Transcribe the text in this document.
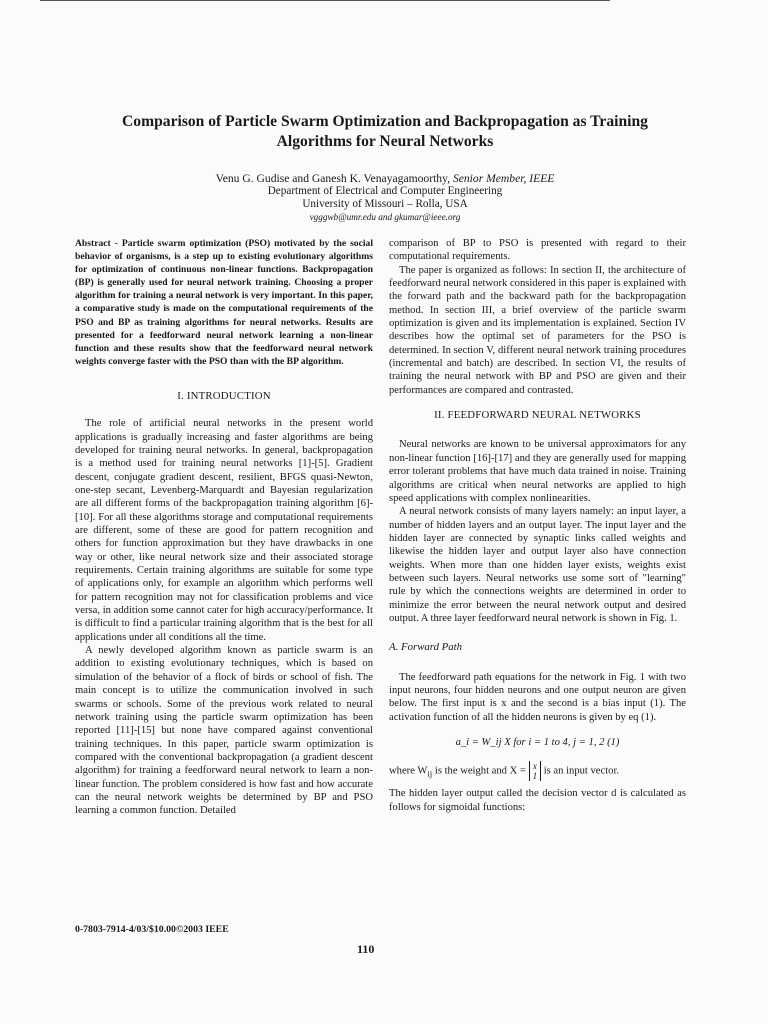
Comparison of Particle Swarm Optimization and Backpropagation as Training
Algorithms for Neural Networks
Venu G. Gudise and Ganesh K. Venayagamoorthy, Senior Member, IEEE
Department of Electrical and Computer Engineering
University of Missouri – Rolla, USA
vgggwb@umr.edu and gkumar@ieee.org
Abstract - Particle swarm optimization (PSO) motivated by the social behavior of organisms, is a step up to existing evolutionary algorithms for optimization of continuous non-linear functions. Backpropagation (BP) is generally used for neural network training. Choosing a proper algorithm for training a neural network is very important. In this paper, a comparative study is made on the computational requirements of the PSO and BP as training algorithms for neural networks. Results are presented for a feedforward neural network learning a non-linear function and these results show that the feedforward neural network weights converge faster with the PSO than with the BP algorithm.
I. INTRODUCTION

The role of artificial neural networks in the present world applications is gradually increasing and faster algorithms are being developed for training neural networks. In general, backpropagation is a method used for training neural networks [1]-[5]. Gradient descent, conjugate gradient descent, resilient, BFGS quasi-Newton, one-step secant, Levenberg-Marquardt and Bayesian regularization are all different forms of the backpropagation training algorithm [6]-[10]. For all these algorithms storage and computational requirements are different, some of these are good for pattern recognition and others for function approximation but they have drawbacks in one way or other, like neural network size and their associated storage requirements. Certain training algorithms are suitable for some type of applications only, for example an algorithm which performs well for pattern recognition may not for classification problems and vice versa, in addition some cannot cater for high accuracy/performance. It is difficult to find a particular training algorithm that is the best for all applications under all conditions all the time.

A newly developed algorithm known as particle swarm is an addition to existing evolutionary techniques, which is based on simulation of the behavior of a flock of birds or school of fish. The main concept is to utilize the communication involved in such swarms or schools. Some of the previous work related to neural network training using the particle swarm optimization has been reported [11]-[15] but none have compared against conventional training techniques. In this paper, particle swarm optimization is compared with the conventional backpropagation (a gradient descent algorithm) for training a feedforward neural network to learn a non-linear function. The problem considered is how fast and how accurate can the neural network weights be determined by BP and PSO learning a common function. Detailed

comparison of BP to PSO is presented with regard to their computational requirements.

The paper is organized as follows: In section II, the architecture of feedforward neural network considered in this paper is explained with the forward path and the backward path for the backpropagation method. In section III, a brief overview of the particle swarm optimization is given and its implementation is explained. Section IV describes how the optimal set of parameters for the PSO is determined. In section V, different neural network training procedures (incremental and batch) are described. In section VI, the results of training the neural network with BP and PSO are given and their performances are compared and contrasted.

II. FEEDFORWARD NEURAL NETWORKS

Neural networks are known to be universal approximators for any non-linear function [16]-[17] and they are generally used for mapping error tolerant problems that have much data trained in noise. Training algorithms are critical when neural networks are applied to high speed applications with complex nonlinearities.

A neural network consists of many layers namely: an input layer, a number of hidden layers and an output layer. The input layer and the hidden layer are connected by synaptic links called weights and likewise the hidden layer and output layer also have connection weights. When more than one hidden layer exists, weights exist between such layers. Neural networks use some sort of "learning" rule by which the connections weights are determined in order to minimize the error between the neural network output and desired output. A three layer feedforward neural network is shown in Fig. 1.

A. Forward Path

The feedforward path equations for the network in Fig. 1 with two input neurons, four hidden neurons and one output neuron are given below. The first input is x and the second is a bias input (1). The activation function of all the hidden neurons is given by eq (1).

a_i = W_ij X for i = 1 to 4, j = 1, 2 (1)
where $W_{ij}$ is the weight and X = x
1 is an input vector.

The hidden layer output called the decision vector d is calculated as follows for sigmoidal functions:

0-7803-7914-4/03/$10.00©2003 IEEE
110
